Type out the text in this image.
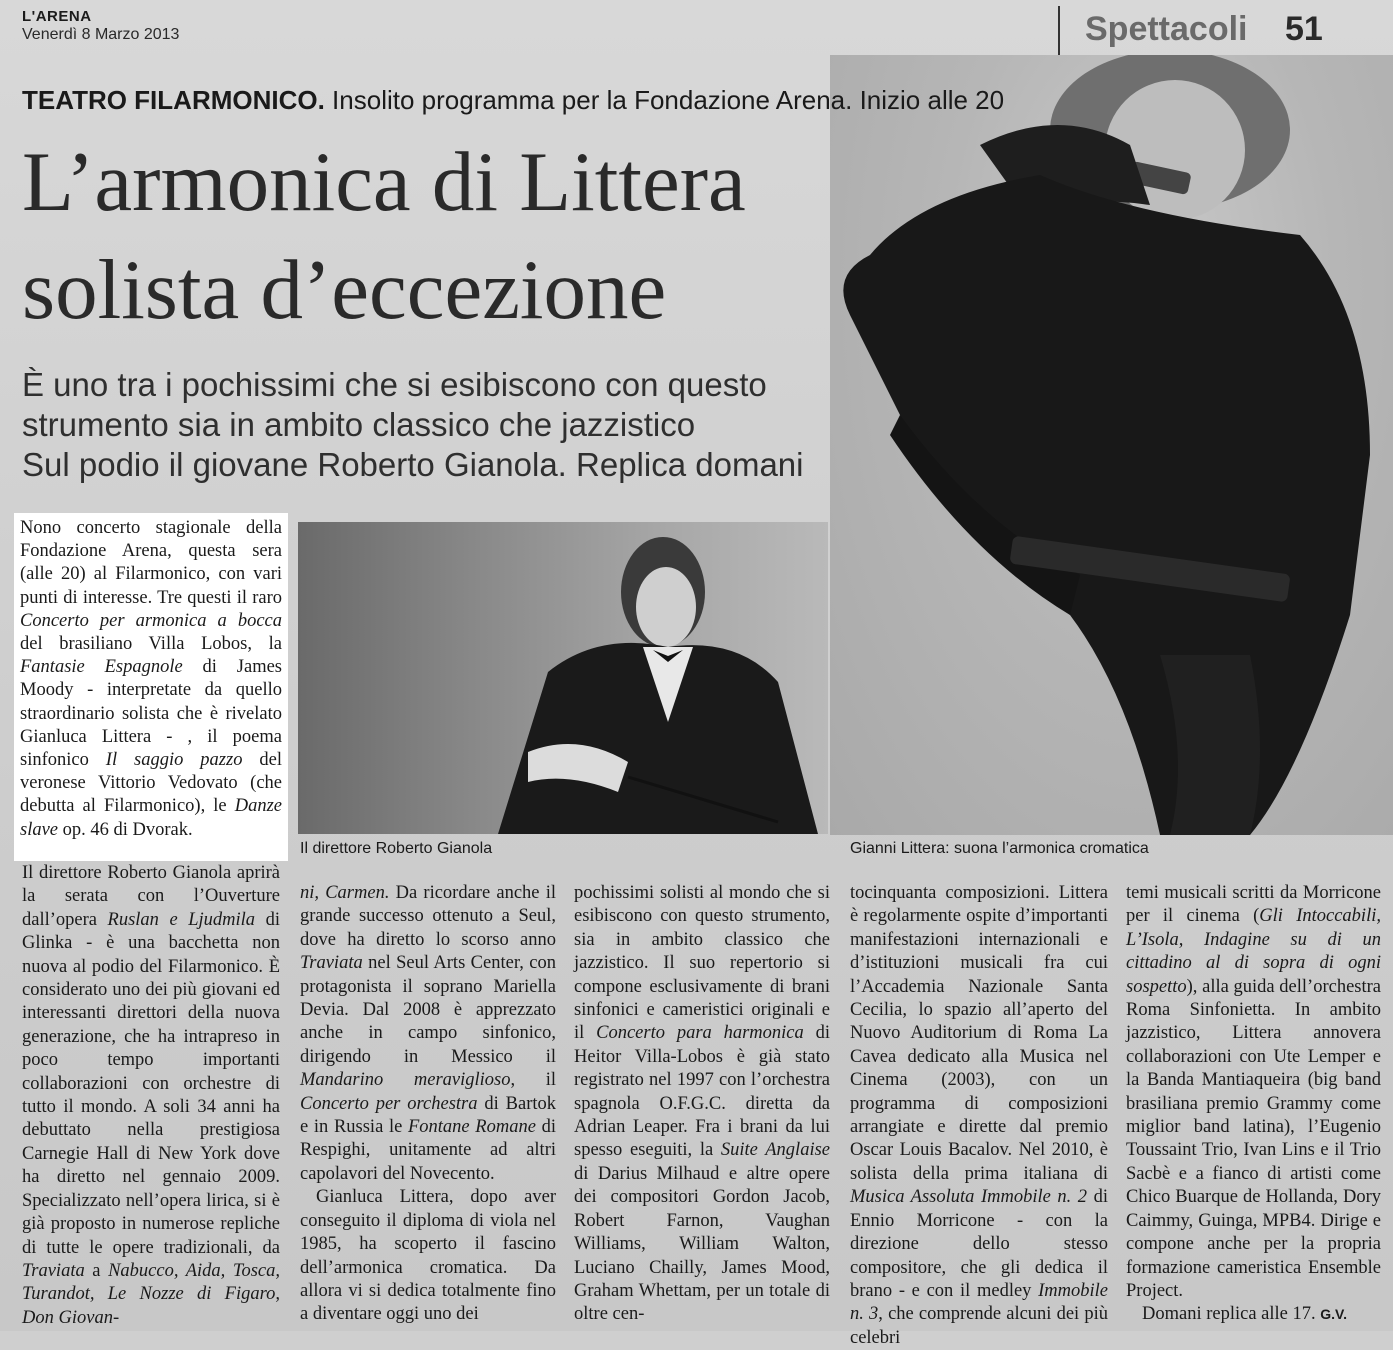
L'ARENA
Venerdì 8 Marzo 2013	Spettacoli 51
TEATRO FILARMONICO. Insolito programma per la Fondazione Arena. Inizio alle 20
L’armonica di Littera
solista d’eccezione
È uno tra i pochissimi che si esibiscono con questo
strumento sia in ambito classico che jazzistico
Sul podio il giovane Roberto Gianola. Replica domani

Nono concerto stagionale della Fondazione Arena, questa sera (alle 20) al Filarmonico, con vari punti di interesse. Tre questi il raro Concerto per armonica a bocca del brasiliano Villa Lobos, la Fantasie Espagnole di James Moody - interpretate da quello straordinario solista che è rivelato Gianluca Littera - , il poema sinfonico Il saggio pazzo del veronese Vittorio Vedovato (che debutta al Filarmonico), le Danze slave op. 46 di Dvorak.

Il direttore Roberto Gianola	Gianni Littera: suona l’armonica cromatica

Il direttore Roberto Gianola aprirà la serata con l’Ouverture dall’opera Ruslan e Ljudmila di Glinka - è una bacchetta non nuova al podio del Filarmonico. È considerato uno dei più giovani ed interessanti direttori della nuova generazione, che ha intrapreso in poco tempo importanti collaborazioni con orchestre di tutto il mondo. A soli 34 anni ha debuttato nella prestigiosa Carnegie Hall di New York dove ha diretto nel gennaio 2009. Specializzato nell’opera lirica, si è già proposto in numerose repliche di tutte le opere tradizionali, da Traviata a Nabucco, Aida, Tosca, Turandot, Le Nozze di Figaro, Don Giovan-

ni, Carmen. Da ricordare anche il grande successo ottenuto a Seul, dove ha diretto lo scorso anno Traviata nel Seul Arts Center, con protagonista il soprano Mariella Devia. Dal 2008 è apprezzato anche in campo sinfonico, dirigendo in Messico il Mandarino meraviglioso, il Concerto per orchestra di Bartok e in Russia le Fontane Romane di Respighi, unitamente ad altri capolavori del Novecento.

Gianluca Littera, dopo aver conseguito il diploma di viola nel 1985, ha scoperto il fascino dell’armonica cromatica. Da allora vi si dedica totalmente fino a diventare oggi uno dei

pochissimi solisti al mondo che si esibiscono con questo strumento, sia in ambito classico che jazzistico. Il suo repertorio si compone esclusivamente di brani sinfonici e cameristici originali e il Concerto para harmonica di Heitor Villa-Lobos è già stato registrato nel 1997 con l’orchestra spagnola O.F.G.C. diretta da Adrian Leaper. Fra i brani da lui spesso eseguiti, la Suite Anglaise di Darius Milhaud e altre opere dei compositori Gordon Jacob, Robert Farnon, Vaughan Williams, William Walton, Luciano Chailly, James Mood, Graham Whettam, per un totale di oltre cen-

tocinquanta composizioni. Littera è regolarmente ospite d’importanti manifestazioni internazionali e d’istituzioni musicali fra cui l’Accademia Nazionale Santa Cecilia, lo spazio all’aperto del Nuovo Auditorium di Roma La Cavea dedicato alla Musica nel Cinema (2003), con un programma di composizioni arrangiate e dirette dal premio Oscar Louis Bacalov. Nel 2010, è solista della prima italiana di Musica Assoluta Immobile n. 2 di Ennio Morricone - con la direzione dello stesso compositore, che gli dedica il brano - e con il medley Immobile n. 3, che comprende alcuni dei più celebri

temi musicali scritti da Morricone per il cinema (Gli Intoccabili, L’Isola, Indagine su di un cittadino al di sopra di ogni sospetto), alla guida dell’orchestra Roma Sinfonietta. In ambito jazzistico, Littera annovera collaborazioni con Ute Lemper e la Banda Mantiaqueira (big band brasiliana premio Grammy come miglior band latina), l’Eugenio Toussaint Trio, Ivan Lins e il Trio Sacbè e a fianco di artisti come Chico Buarque de Hollanda, Dory Caimmy, Guinga, MPB4. Dirige e compone anche per la propria formazione cameristica Ensemble Project.

Domani replica alle 17. G.V.
